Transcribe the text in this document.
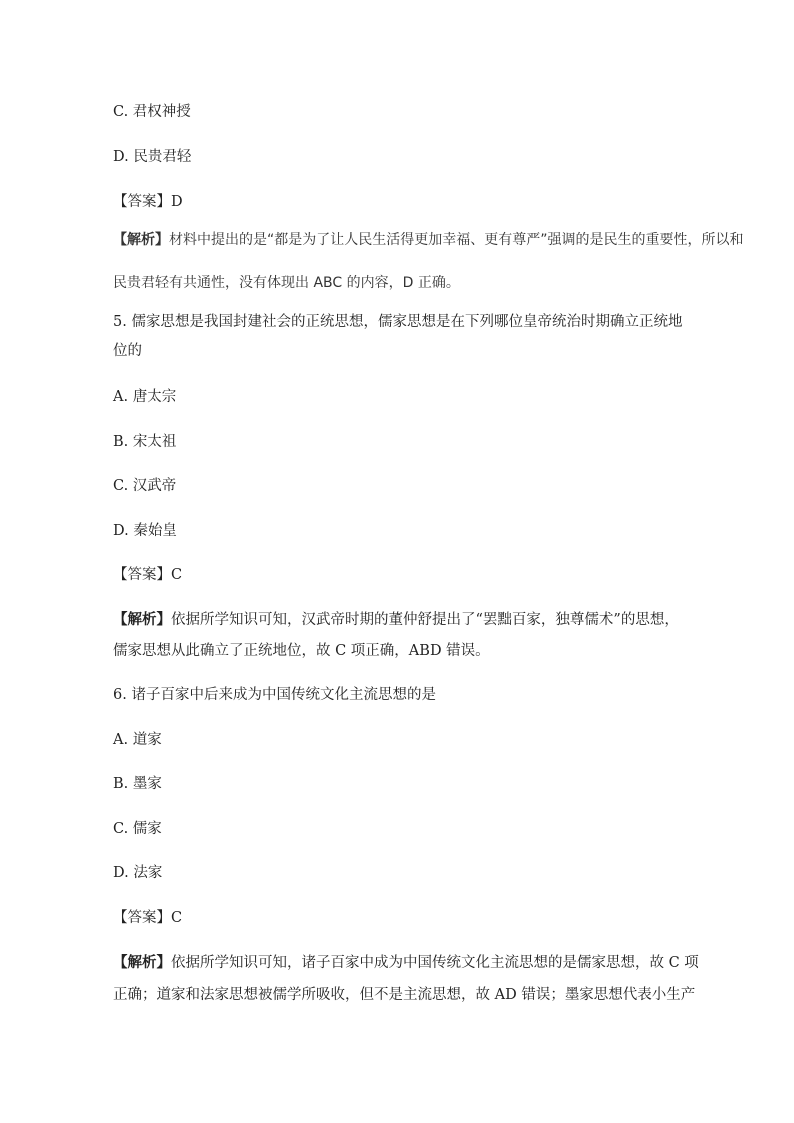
C. 君权神授
D. 民贵君轻
【答案】D
【解析】材料中提出的是“都是为了让人民生活得更加幸福、更有尊严”强调的是民生的重要性，所以和
民贵君轻有共通性，没有体现出 ABC 的内容，D 正确。
5. 儒家思想是我国封建社会的正统思想，儒家思想是在下列哪位皇帝统治时期确立正统地
位的
A. 唐太宗
B. 宋太祖
C. 汉武帝
D. 秦始皇
【答案】C
【解析】依据所学知识可知，汉武帝时期的董仲舒提出了“罢黜百家，独尊儒术”的思想，
儒家思想从此确立了正统地位，故 C 项正确，ABD 错误。
6. 诸子百家中后来成为中国传统文化主流思想的是
A. 道家
B. 墨家
C. 儒家
D. 法家
【答案】C
【解析】依据所学知识可知，诸子百家中成为中国传统文化主流思想的是儒家思想，故 C 项
正确；道家和法家思想被儒学所吸收，但不是主流思想，故 AD 错误；墨家思想代表小生产
